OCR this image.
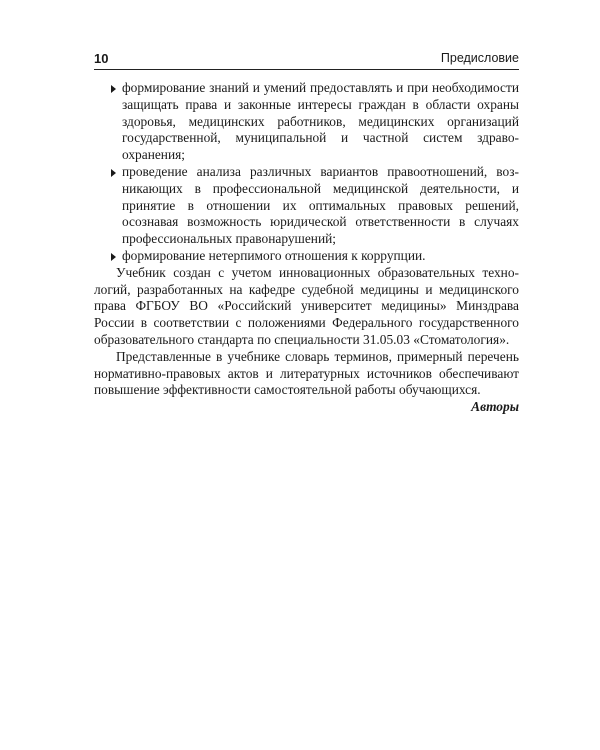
10	Предисловие
формирование знаний и умений предоставлять и при необходимости защищать права и законные интересы граждан в области охраны здоровья, медицинских работников, медицинских организаций государственной, муниципальной и частной систем здравоохранения;
проведение анализа различных вариантов правоотношений, возникающих в профессиональной медицинской деятельности, и принятие в отношении их оптимальных правовых решений, осознавая возможность юридической ответственности в случаях профессиональных правонарушений;
формирование нетерпимого отношения к коррупции.

Учебник создан с учетом инновационных образовательных технологий, разработанных на кафедре судебной медицины и медицинского права ФГБОУ ВО «Российский университет медицины» Минздрава России в соответствии с положениями Федерального государственного образовательного стандарта по специальности 31.05.03 «Стоматология».

Представленные в учебнике словарь терминов, примерный перечень нормативно-правовых актов и литературных источников обеспечивают повышение эффективности самостоятельной работы обучающихся.

Авторы
